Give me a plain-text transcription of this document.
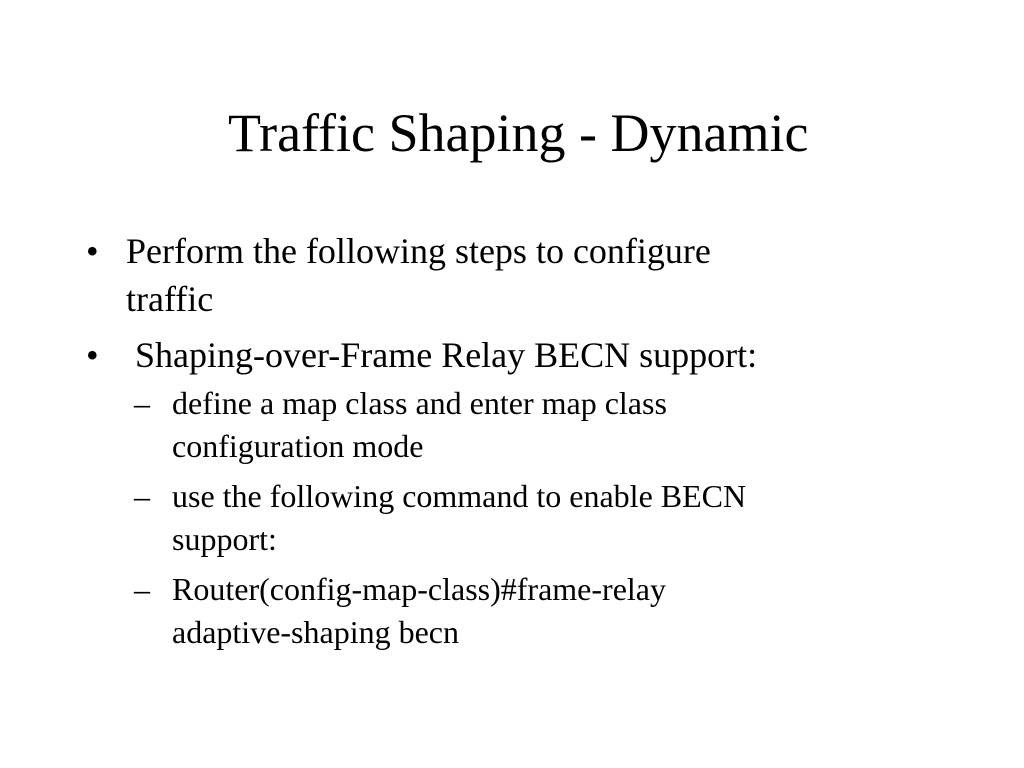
Traffic Shaping - Dynamic
• Perform the following steps to configure
traffic
• Shaping-over-Frame Relay BECN support:
– define a map class and enter map class
configuration mode
– use the following command to enable BECN
support:
– Router(config-map-class)#frame-relay
adaptive-shaping becn
